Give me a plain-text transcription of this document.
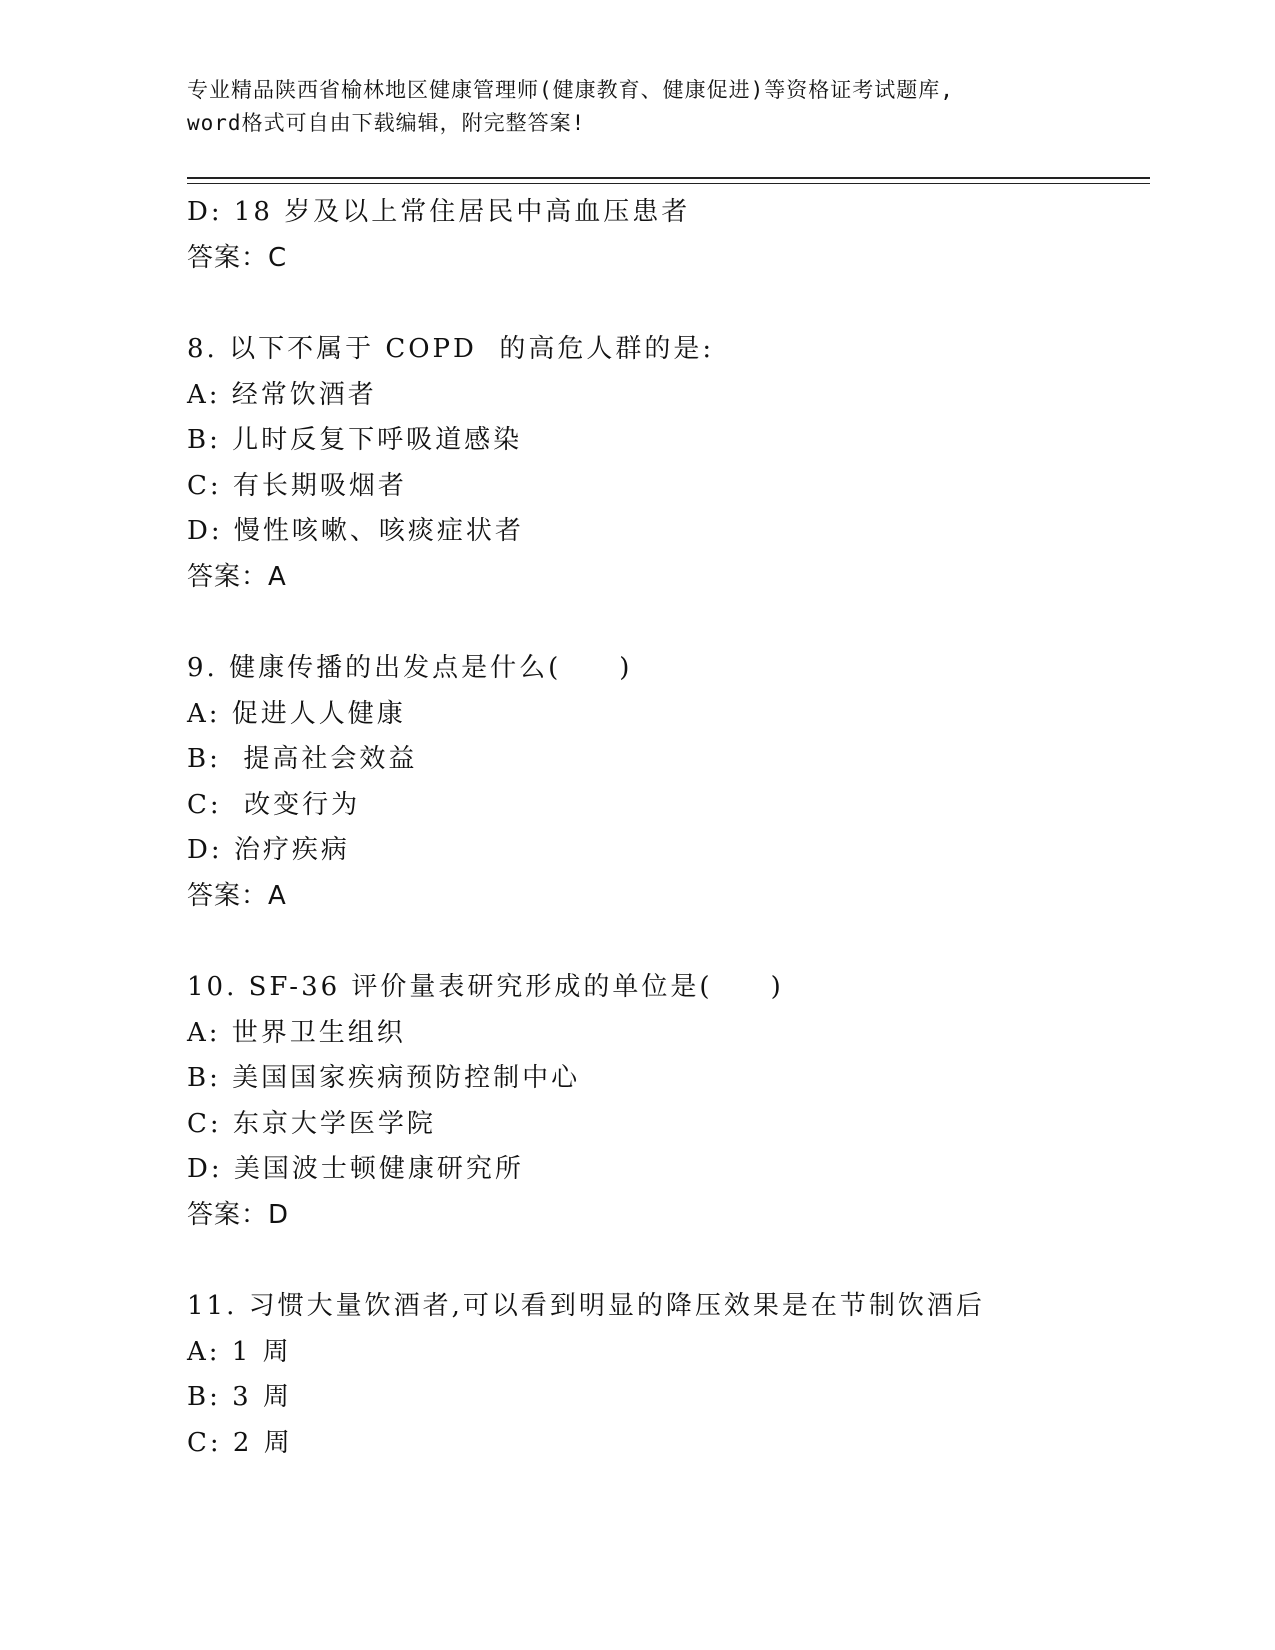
专业精品陕西省榆林地区健康管理师(健康教育、健康促进)等资格证考试题库,
word格式可自由下载编辑，附完整答案!
D: 18 岁及以上常住居民中高血压患者
答案：C
8. 以下不属于 COPD  的高危人群的是:
A: 经常饮酒者
B: 儿时反复下呼吸道感染
C: 有长期吸烟者
D: 慢性咳嗽、咳痰症状者
答案：A
9. 健康传播的出发点是什么(　　)
A: 促进人人健康
B:  提高社会效益
C:  改变行为
D: 治疗疾病
答案：A
10. SF-36 评价量表研究形成的单位是(　　)
A: 世界卫生组织
B: 美国国家疾病预防控制中心
C: 东京大学医学院
D: 美国波士顿健康研究所
答案：D
11. 习惯大量饮酒者,可以看到明显的降压效果是在节制饮酒后
A: 1 周
B: 3 周
C: 2 周
